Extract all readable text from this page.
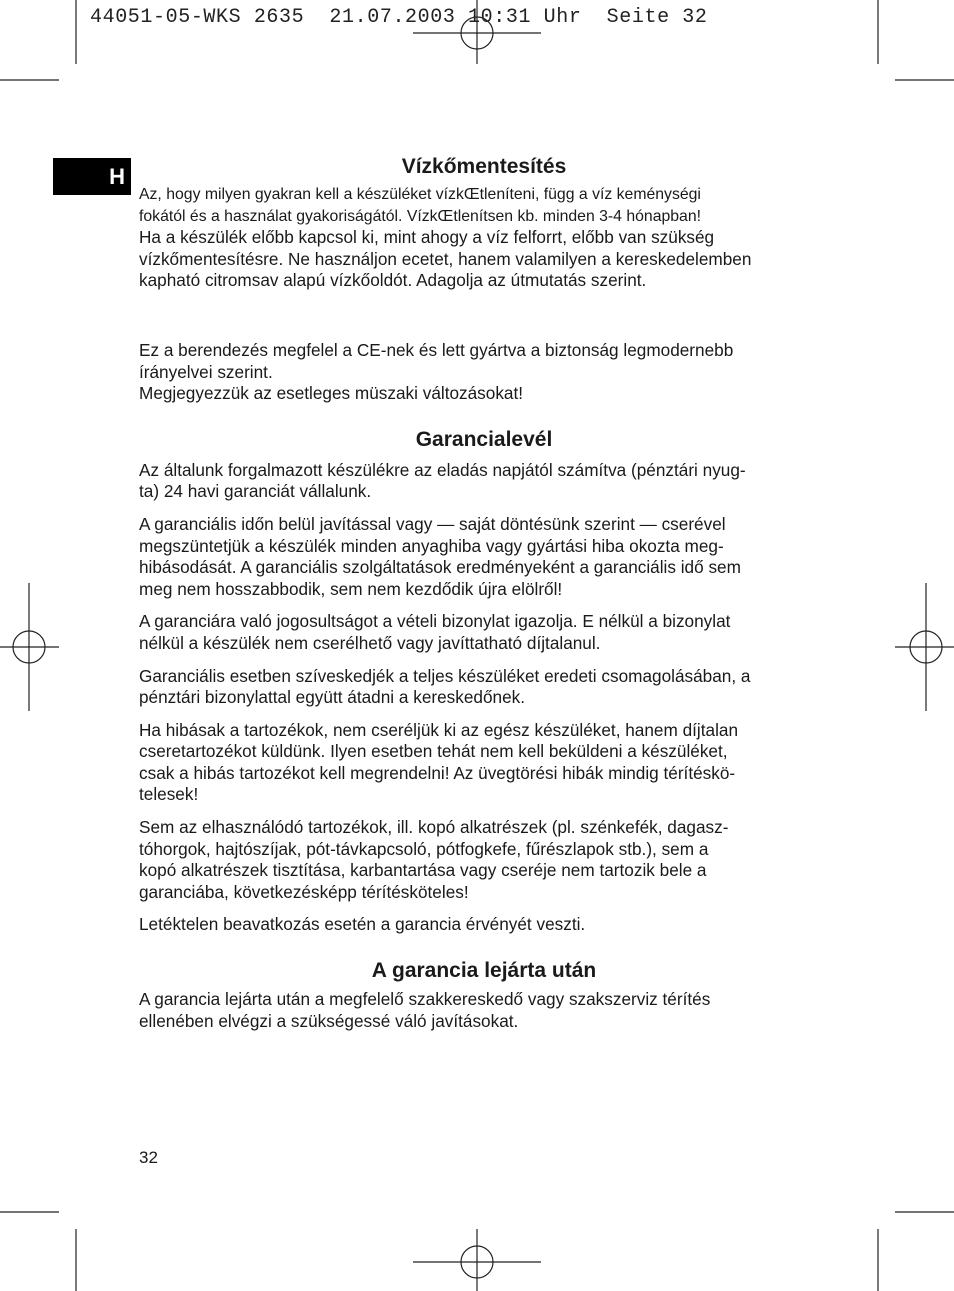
44051-05-WKS 2635  21.07.2003 10:31 Uhr  Seite 32
H	Vízkőmentesítés

Az, hogy milyen gyakran kell a készüléket vízkŒtleníteni, függ a víz keménységi
fokától és a használat gyakoriságától. VízkŒtlenítsen kb. minden 3-4 hónapban!

Ha a készülék előbb kapcsol ki, mint ahogy a víz felforrt, előbb van szükség
vízkőmentesítésre. Ne használjon ecetet, hanem valamilyen a kereskedelemben
kapható citromsav alapú vízkőoldót. Adagolja az útmutatás szerint.

Ez a berendezés megfelel a CE-nek és lett gyártva a biztonság legmodernebb
írányelvei szerint.
Megjegyezzük az esetleges müszaki változásokat!

Garancialevél

Az általunk forgalmazott készülékre az eladás napjától számítva (pénztári nyug-
ta) 24 havi garanciát vállalunk.

A garanciális időn belül javítással vagy — saját döntésünk szerint — cserével
megszüntetjük a készülék minden anyaghiba vagy gyártási hiba okozta meg-
hibásodását. A garanciális szolgáltatások eredményeként a garanciális idő sem
meg nem hosszabbodik, sem nem kezdődik újra elölről!

A garanciára való jogosultságot a vételi bizonylat igazolja. E nélkül a bizonylat
nélkül a készülék nem cserélhető vagy javíttatható díjtalanul.

Garanciális esetben szíveskedjék a teljes készüléket eredeti csomagolásában, a
pénztári bizonylattal együtt átadni a kereskedőnek.

Ha hibásak a tartozékok, nem cseréljük ki az egész készüléket, hanem díjtalan
cseretartozékot küldünk. Ilyen esetben tehát nem kell beküldeni a készüléket,
csak a hibás tartozékot kell megrendelni! Az üvegtörési hibák mindig térítéskö-
telesek!

Sem az elhasználódó tartozékok, ill. kopó alkatrészek (pl. szénkefék, dagasz-
tóhorgok, hajtószíjak, pót-távkapcsoló, pótfogkefe, fűrészlapok stb.), sem a
kopó alkatrészek tisztítása, karbantartása vagy cseréje nem tartozik bele a
garanciába, következésképp térítésköteles!

Letéktelen beavatkozás esetén a garancia érvényét veszti.

A garancia lejárta után

A garancia lejárta után a megfelelő szakkereskedő vagy szakszerviz térítés
ellenében elvégzi a szükségessé váló javításokat.

32
